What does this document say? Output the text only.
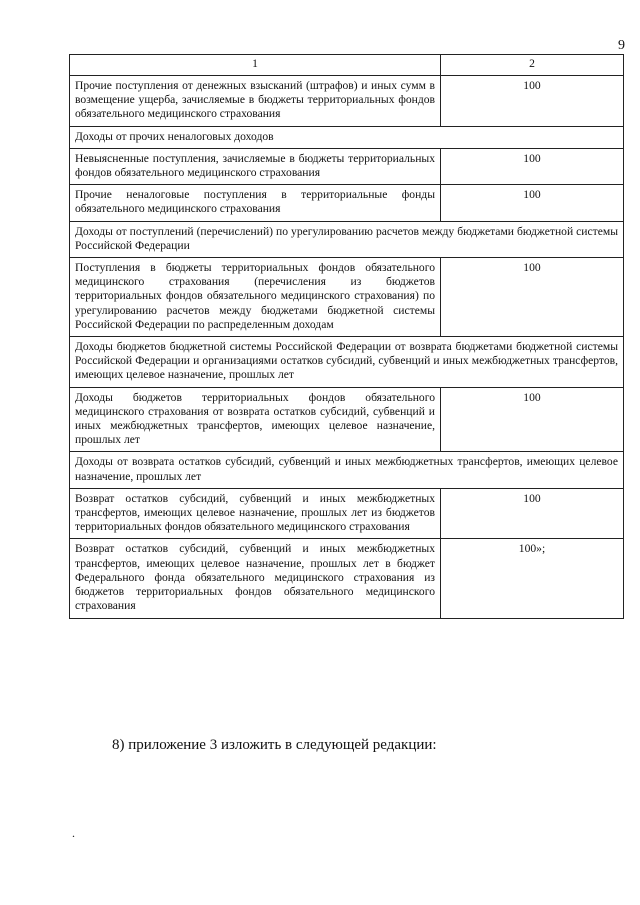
9
1	2
Прочие поступления от денежных взысканий (штрафов) и иных сумм в возмещение ущерба, зачисляемые в бюджеты территориальных фондов обязательного медицинского страхования	100
Доходы от прочих неналоговых доходов	
Невыясненные поступления, зачисляемые в бюджеты территориальных фондов обязательного медицинского страхования	100
Прочие неналоговые поступления в территориальные фонды обязательного медицинского страхования	100
Доходы от поступлений (перечислений) по урегулированию расчетов между бюджетами бюджетной системы Российской Федерации	
Поступления в бюджеты территориальных фондов обязательного медицинского страхования (перечисления из бюджетов территориальных фондов обязательного медицинского страхования) по урегулированию расчетов между бюджетами бюджетной системы Российской Федерации по распределенным доходам	100
Доходы бюджетов бюджетной системы Российской Федерации от возврата бюджетами бюджетной системы Российской Федерации и организациями остатков субсидий, субвенций и иных межбюджетных трансфертов, имеющих целевое назначение, прошлых лет	
Доходы бюджетов территориальных фондов обязательного медицинского страхования от возврата остатков субсидий, субвенций и иных межбюджетных трансфертов, имеющих целевое назначение, прошлых лет	100
Доходы от возврата остатков субсидий, субвенций и иных межбюджетных трансфертов, имеющих целевое назначение, прошлых лет	
Возврат остатков субсидий, субвенций и иных межбюджетных трансфертов, имеющих целевое назначение, прошлых лет из бюджетов территориальных фондов обязательного медицинского страхования	100
Возврат остатков субсидий, субвенций и иных межбюджетных трансфертов, имеющих целевое назначение, прошлых лет в бюджет Федерального фонда обязательного медицинского страхования из бюджетов территориальных фондов обязательного медицинского страхования	100»;
8) приложение 3 изложить в следующей редакции:
.
